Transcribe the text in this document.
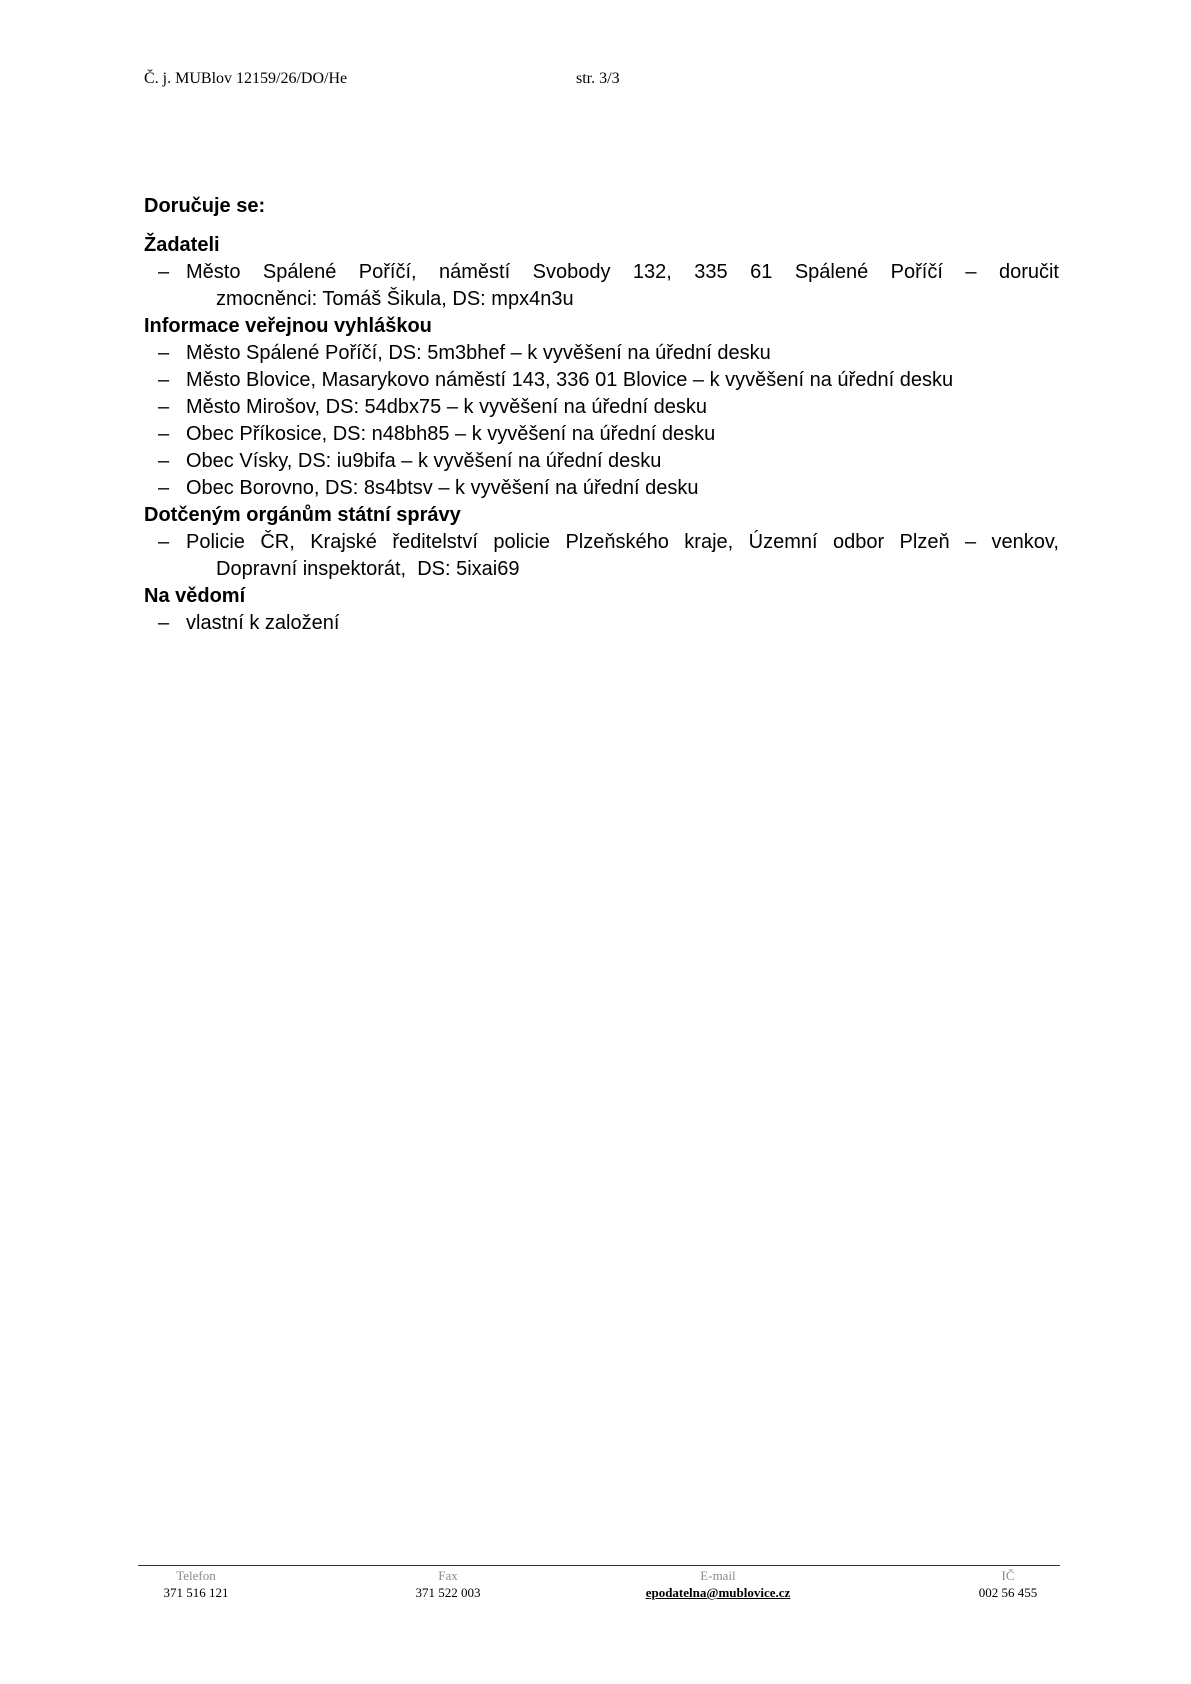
Č. j. MUBlov 12159/26/DO/He	str. 3/3
Doručuje se:
Žadateli
– Město Spálené Poříčí, náměstí Svobody 132, 335 61 Spálené Poříčí – doručit
zmocněnci: Tomáš Šikula, DS: mpx4n3u
Informace veřejnou vyhláškou
– Město Spálené Poříčí, DS: 5m3bhef – k vyvěšení na úřední desku
– Město Blovice, Masarykovo náměstí 143, 336 01 Blovice – k vyvěšení na úřední desku
– Město Mirošov, DS: 54dbx75 – k vyvěšení na úřední desku
– Obec Příkosice, DS: n48bh85 – k vyvěšení na úřední desku
– Obec Vísky, DS: iu9bifa – k vyvěšení na úřední desku
– Obec Borovno, DS: 8s4btsv – k vyvěšení na úřední desku
Dotčeným orgánům státní správy
– Policie ČR, Krajské ředitelství policie Plzeňského kraje, Územní odbor Plzeň – venkov,
Dopravní inspektorát,  DS: 5ixai69
Na vědomí
– vlastní k založení
Telefon
371 516 121
Fax
371 522 003
E-mail
epodatelna@mublovice.cz
IČ
002 56 455
